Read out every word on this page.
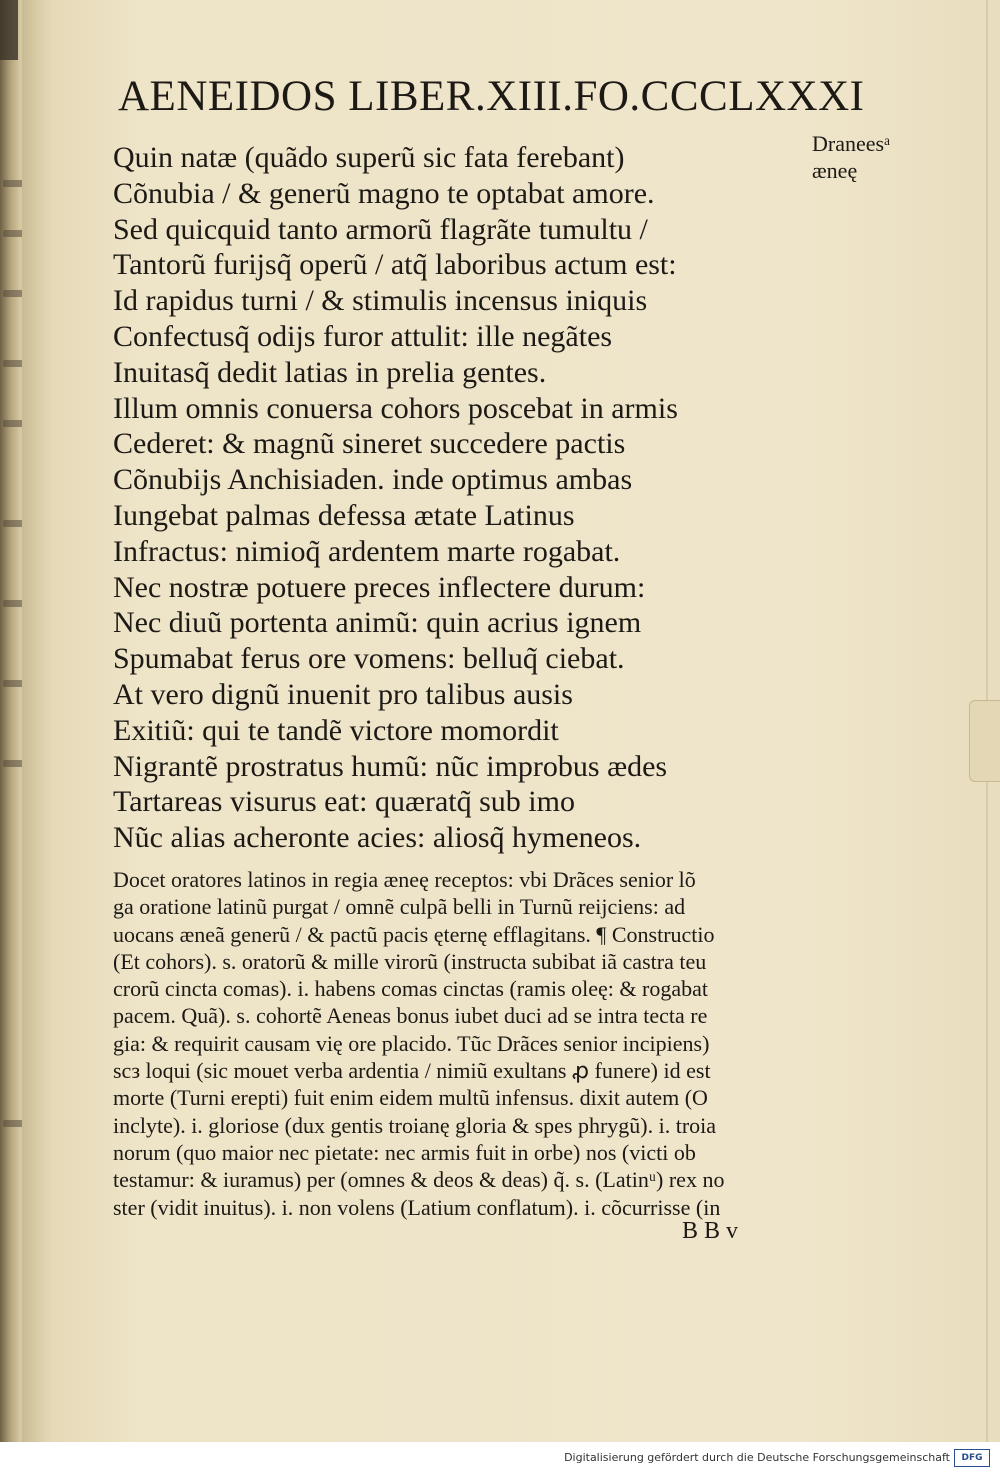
AENEIDOS LIBER.XIII.FO.CCCLXXXI
Draneesᵃ
æneę
Quin natæ (quãdo superũ sic fata ferebant)
Cõnubia / & generũ magno te optabat amore.
Sed quicquid tanto armorũ flagrãte tumultu /
Tantorũ furijsq̃ operũ / atq̃ laboribus actum est:
Id rapidus turni / & stimulis incensus iniquis
Confectusq̃ odijs furor attulit: ille negãtes
Inuitasq̃ dedit latias in prelia gentes.
Illum omnis conuersa cohors poscebat in armis
Cederet: & magnũ sineret succedere pactis
Cõnubijs Anchisiaden. inde optimus ambas
Iungebat palmas defessa ætate Latinus
Infractus: nimioq̃ ardentem marte rogabat.
Nec nostræ potuere preces inflectere durum:
Nec diuũ portenta animũ: quin acrius ignem
Spumabat ferus ore vomens: belluq̃ ciebat.
At vero dignũ inuenit pro talibus ausis
Exitiũ: qui te tandẽ victore momordit
Nigrantẽ prostratus humũ: nũc improbus ædes
Tartareas visurus eat: quæratq̃ sub imo
Nũc alias acheronte acies: aliosq̃ hymeneos.
Docet oratores latinos in regia æneę receptos: vbi Drãces senior lõ
ga oratione latinũ purgat / omnẽ culpã belli in Turnũ reijciens: ad
uocans æneã generũ / & pactũ pacis ęternę efflagitans. ¶ Constructio
(Et cohors). s. oratorũ & mille virorũ (instructa subibat iã castra teu
crorũ cincta comas). i. habens comas cinctas (ramis oleę: & rogabat
pacem. Quã). s. cohortẽ Aeneas bonus iubet duci ad se intra tecta re
gia: & requirit causam vię ore placido. Tũc Drãces senior incipiens)
scз loqui (sic mouet verba ardentia / nimiũ exultans ꝓ funere) id est
morte (Turni erepti) fuit enim eidem multũ infensus. dixit autem (O
inclyte). i. gloriose (dux gentis troianę gloria & spes phrygũ). i. troia
norum (quo maior nec pietate: nec armis fuit in orbe) nos (victi ob
testamur: & iuramus) per (omnes & deos & deas) q̃. s. (Latinᵘ) rex no
ster (vidit inuitus). i. non volens (Latium conflatum). i. cõcurrisse (in
B B v
Digitalisierung gefördert durch die Deutsche Forschungsgemeinschaft	DFG
